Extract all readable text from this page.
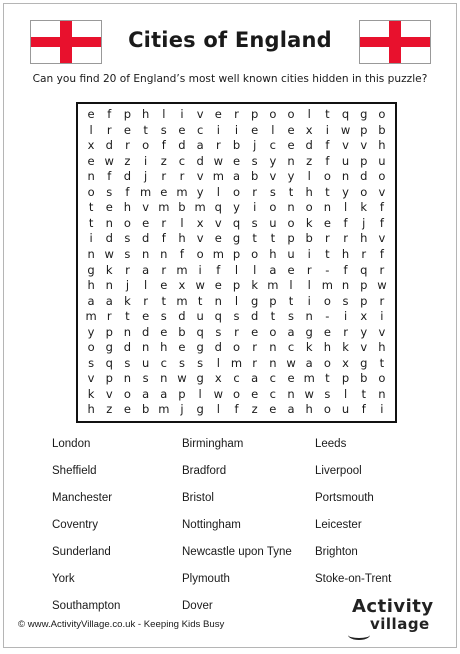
Cities of England
Can you find 20 of England’s most well known cities hidden in this puzzle?
e	f	p h	l	i	v e	r	p o o	l	t	q g o
l	r	e	t	s	e c	i	i	e	l	e x	i	w p b
x d	r	o	f	d a	r	b	j	c e d	f	v v h
e w z	i	z	c d w e	s	y n	z	f	u p u
n	f	d	j	r	r	v m a b v y	l	o n d o
o	s	f m e m y	l	o	r	s	t	h	t	y o v
t	e h v m b m q y	i	o n o n	l	k	f
t	n o e	r	l	x v q	s	u o k e	f	j	f
i	d	s	d	f	h v e g	t	t	p b	r	r	h v
n w s	n n	f	o m p o h u	i	t	h	r	f
g k	r	a	r m i	f	l	l	a e	r	-	f	q	r
h n	j	l	e x w e p k m l	l m n p w
a a k	r	t m t	n	l	g p	t	i	o	s	p	r
m r	t	e	s	d u q	s	d	t	s	n	-	i	x	i
y p n d e b q	s	r	e o a g e	r	y v
o g d n h e g d o	r	n c	k h k v h
s	q	s	u c	s	s	l m r	n w a o x g	t
v p n	s	n w g x	c a c e m t	p b o
k v o a a p	l	w o e c n w s	l	t	n
h	z	e b m j	g	l	f	z	e a h o u	f	i
London	Birmingham	Leeds
Sheffield	Bradford	Liverpool
Manchester	Bristol	Portsmouth
Coventry	Nottingham	Leicester
Sunderland	Newcastle upon Tyne	Brighton
York	Plymouth	Stoke-on-Trent
Southampton	Dover
© www.ActivityVillage.co.uk - Keeping Kids Busy
Activity
village
